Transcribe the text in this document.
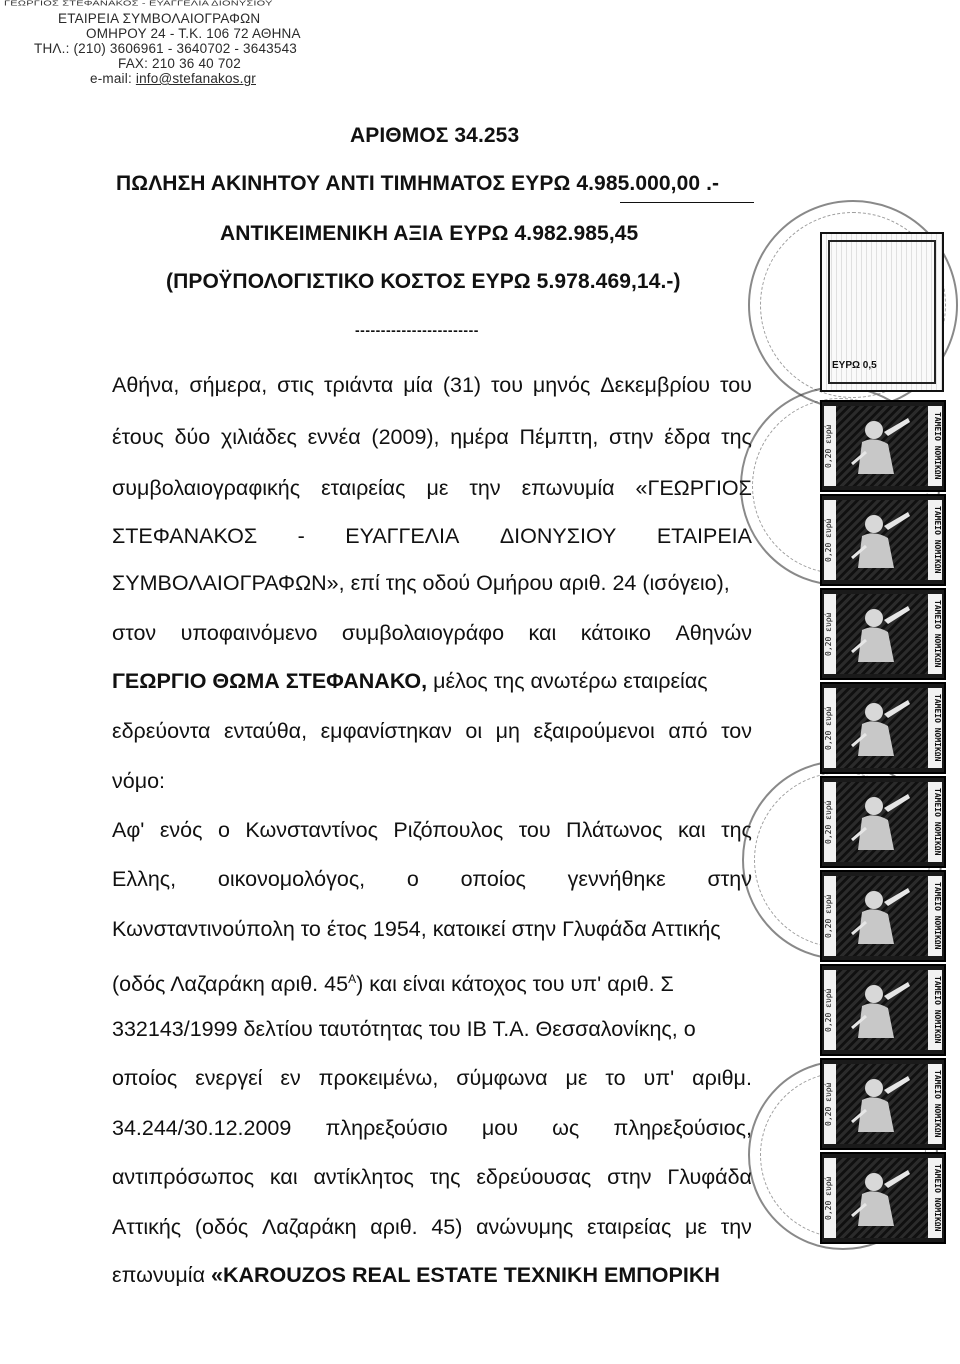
ΓΕΩΡΓΙΟΣ ΣΤΕΦΑΝΑΚΟΣ - ΕΥΑΓΓΕΛΙΑ ΔΙΟΝΥΣΙΟΥ
ΕΤΑΙΡΕΙΑ ΣΥΜΒΟΛΑΙΟΓΡΑΦΩΝ
ΟΜΗΡΟΥ 24 - Τ.Κ. 106 72 ΑΘΗΝΑ
ΤΗΛ.: (210) 3606961 - 3640702 - 3643543
FAX: 210 36 40 702
e-mail: info@stefanakos.gr
ΑΡΙΘΜΟΣ 34.253
ΠΩΛΗΣΗ ΑΚΙΝΗΤΟΥ ΑΝΤΙ ΤΙΜΗΜΑΤΟΣ ΕΥΡΩ 4.985.000,00 .-
ΑΝΤΙΚΕΙΜΕΝΙΚΗ ΑΞΙΑ ΕΥΡΩ 4.982.985,45
(ΠΡΟΫΠΟΛΟΓΙΣΤΙΚΟ ΚΟΣΤΟΣ ΕΥΡΩ 5.978.469,14.-)
------------------------
Αθήνα, σήμερα, στις τριάντα μία (31) του μηνός Δεκεμβρίου του
έτους δύο χιλιάδες εννέα (2009), ημέρα Πέμπτη, στην έδρα της
συμβολαιογραφικής εταιρείας με την επωνυμία «ΓΕΩΡΓΙΟΣ
ΣΤΕΦΑΝΑΚΟΣ - ΕΥΑΓΓΕΛΙΑ ΔΙΟΝΥΣΙΟΥ ΕΤΑΙΡΕΙΑ
ΣΥΜΒΟΛΑΙΟΓΡΑΦΩΝ», επί της οδού Ομήρου αριθ. 24 (ισόγειο),
στον υποφαινόμενο συμβολαιογράφο και κάτοικο Αθηνών
ΓΕΩΡΓΙΟ ΘΩΜΑ ΣΤΕΦΑΝΑΚΟ, μέλος της ανωτέρω εταιρείας
εδρεύοντα ενταύθα, εμφανίστηκαν οι μη εξαιρούμενοι από τον
νόμο:
Αφ' ενός ο Κωνσταντίνος Ριζόπουλος του Πλάτωνος και της
Ελλης, οικονομολόγος, ο οποίος γεννήθηκε στην
Κωνσταντινούπολη το έτος 1954, κατοικεί στην Γλυφάδα Αττικής
(οδός Λαζαράκη αριθ. $45^A$) και είναι κάτοχος του υπ' αριθ. Σ
332143/1999 δελτίου ταυτότητας του ΙΒ Τ.Α. Θεσσαλονίκης, ο
οποίος ενεργεί εν προκειμένω, σύμφωνα με το υπ' αριθμ.
34.244/30.12.2009 πληρεξούσιο μου ως πληρεξούσιος,
αντιπρόσωπος και αντίκλητος της εδρεύουσας στην Γλυφάδα
Αττικής (οδός Λαζαράκη αριθ. 45) ανώνυμης εταιρείας με την
επωνυμία «KAROUZOS REAL ESTATE ΤΕΧΝΙΚΗ ΕΜΠΟΡΙΚΗ
ΕΥΡΩ 0,5
0,20 ευρώ	ΤΑΜΕΙΟ ΝΟΜΙΚΩΝ
0,20 ευρώ	ΤΑΜΕΙΟ ΝΟΜΙΚΩΝ
0,20 ευρώ	ΤΑΜΕΙΟ ΝΟΜΙΚΩΝ
0,20 ευρώ	ΤΑΜΕΙΟ ΝΟΜΙΚΩΝ
0,20 ευρώ	ΤΑΜΕΙΟ ΝΟΜΙΚΩΝ
0,20 ευρώ	ΤΑΜΕΙΟ ΝΟΜΙΚΩΝ
0,20 ευρώ	ΤΑΜΕΙΟ ΝΟΜΙΚΩΝ
0,20 ευρώ	ΤΑΜΕΙΟ ΝΟΜΙΚΩΝ
0,20 ευρώ	ΤΑΜΕΙΟ ΝΟΜΙΚΩΝ
